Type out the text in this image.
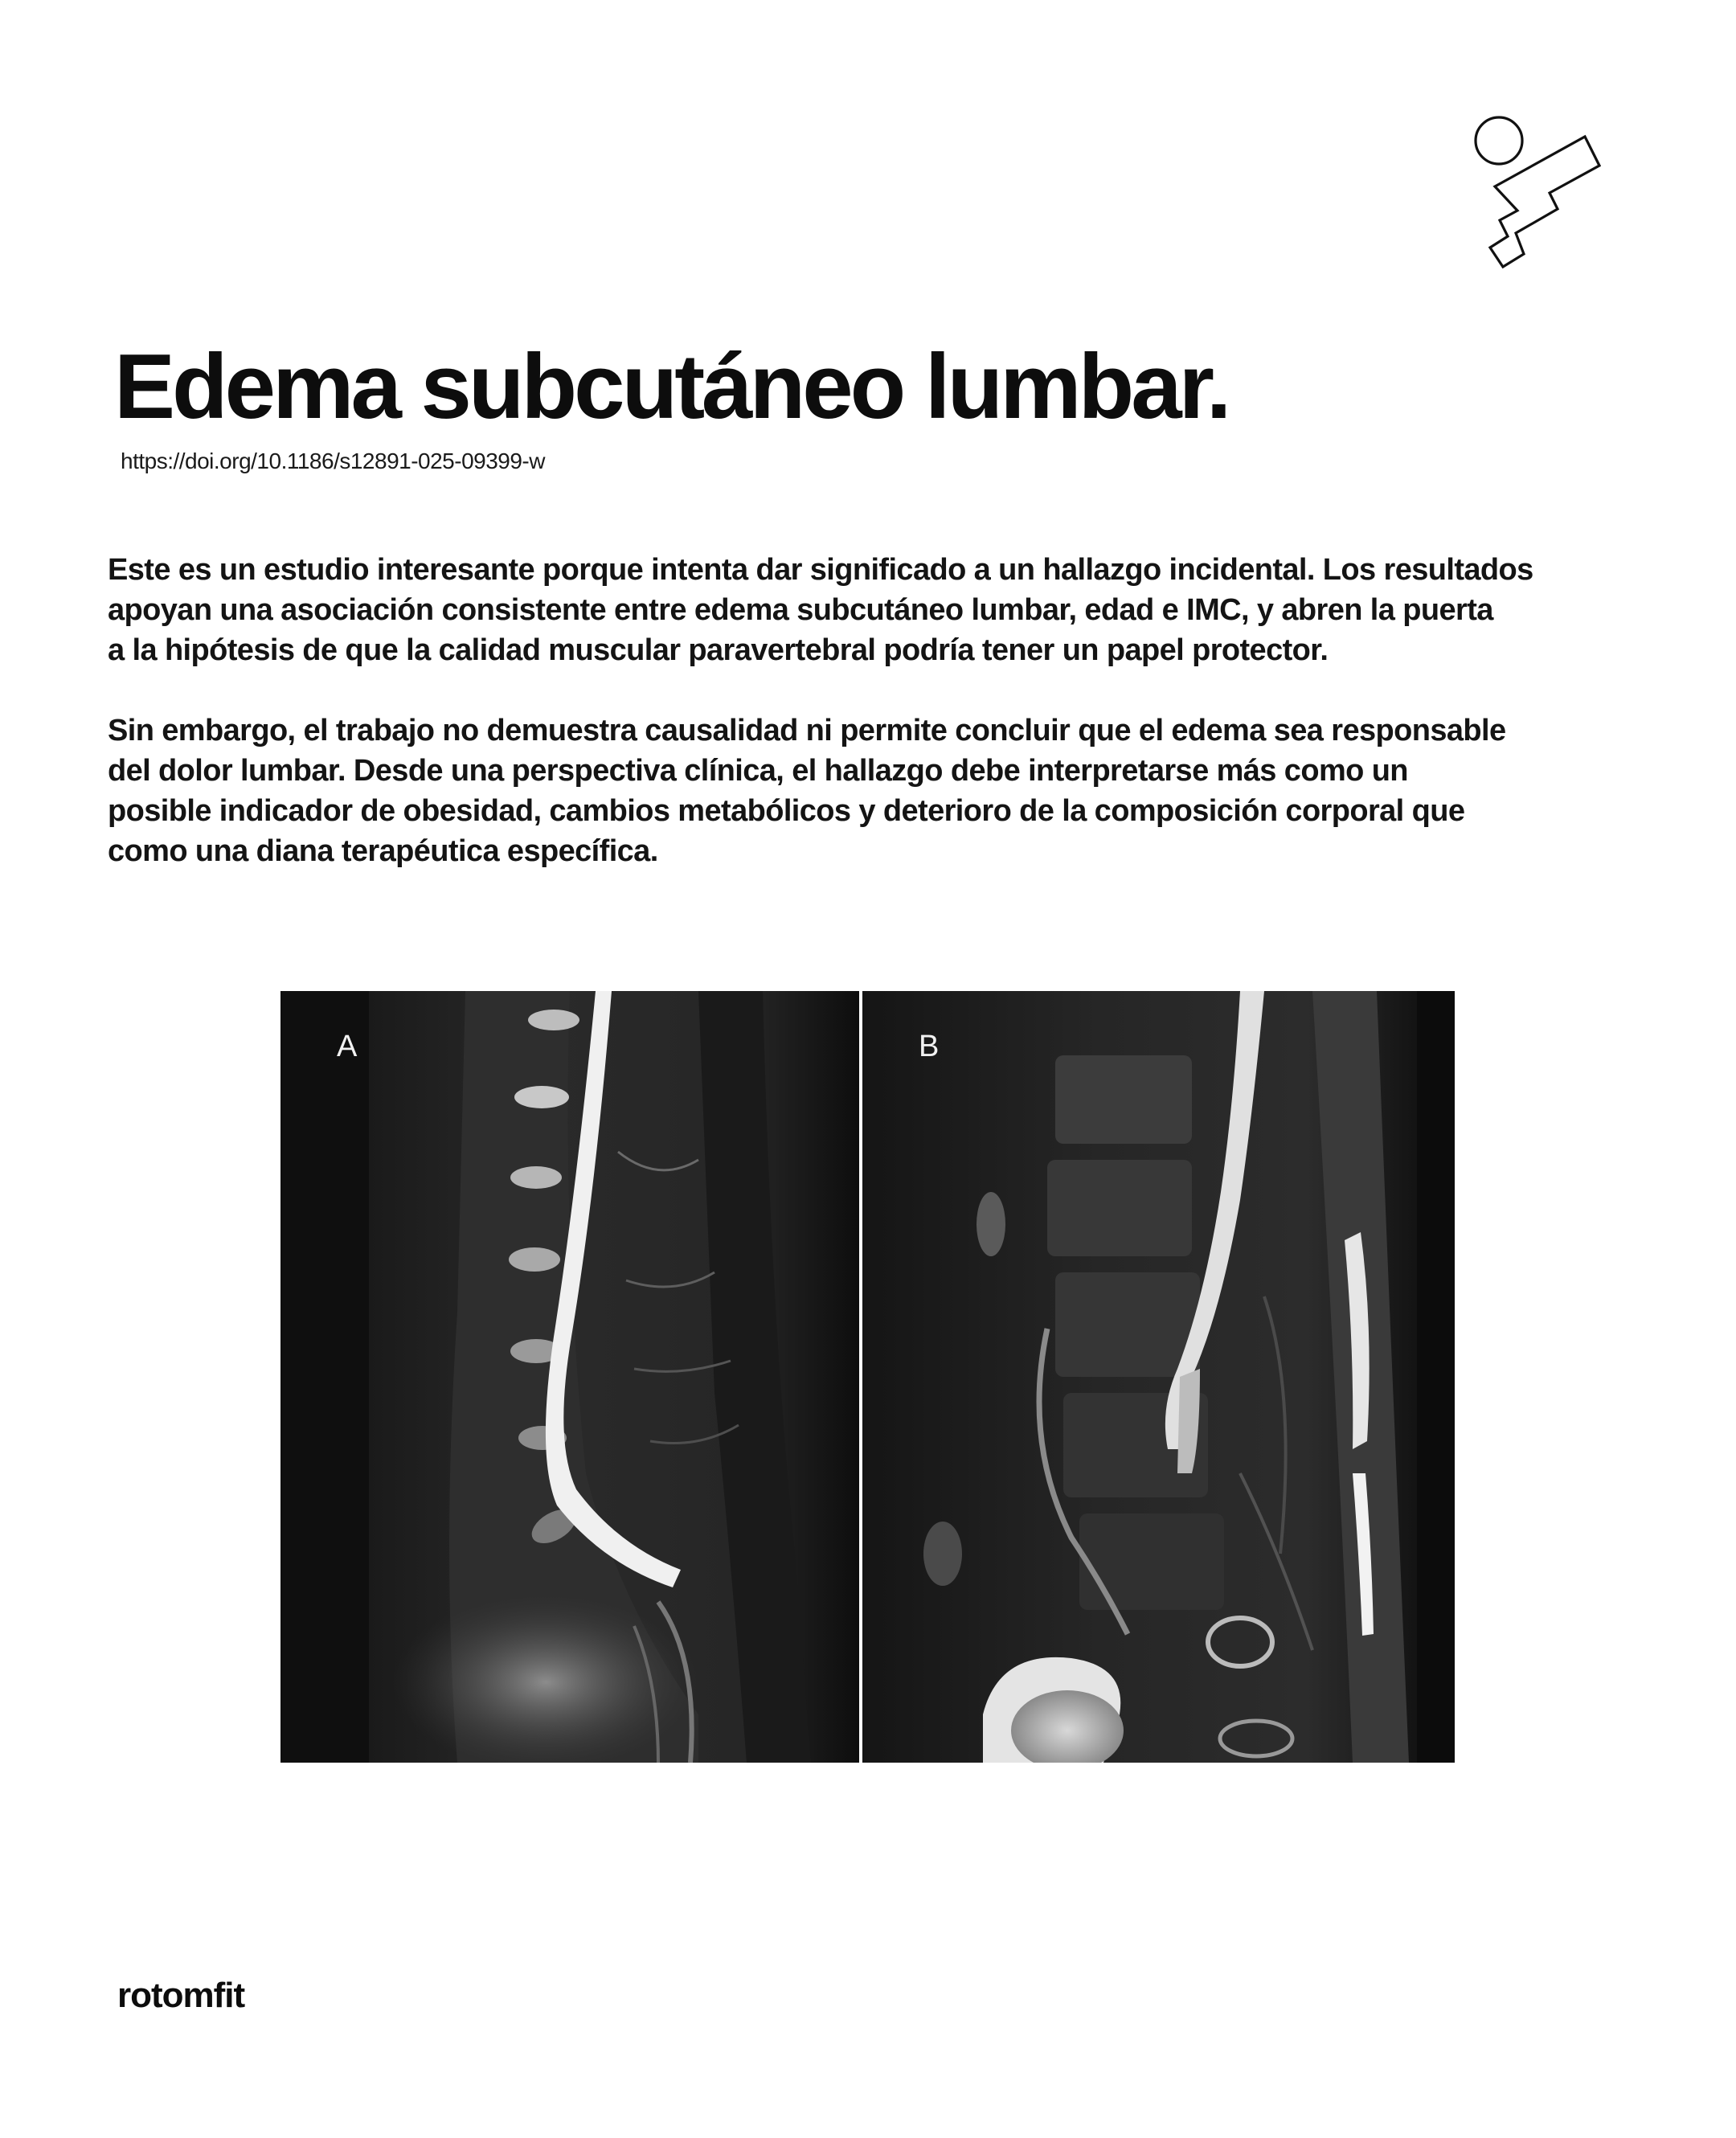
Edema subcutáneo lumbar.
https://doi.org/10.1186/s12891-025-09399-w

Este es un estudio interesante porque intenta dar significado a un hallazgo incidental. Los resultados
apoyan una asociación consistente entre edema subcutáneo lumbar, edad e IMC, y abren la puerta
a la hipótesis de que la calidad muscular paravertebral podría tener un papel protector.

Sin embargo, el trabajo no demuestra causalidad ni permite concluir que el edema sea responsable
del dolor lumbar. Desde una perspectiva clínica, el hallazgo debe interpretarse más como un
posible indicador de obesidad, cambios metabólicos y deterioro de la composición corporal que
como una diana terapéutica específica.

A	B
rotomfit
